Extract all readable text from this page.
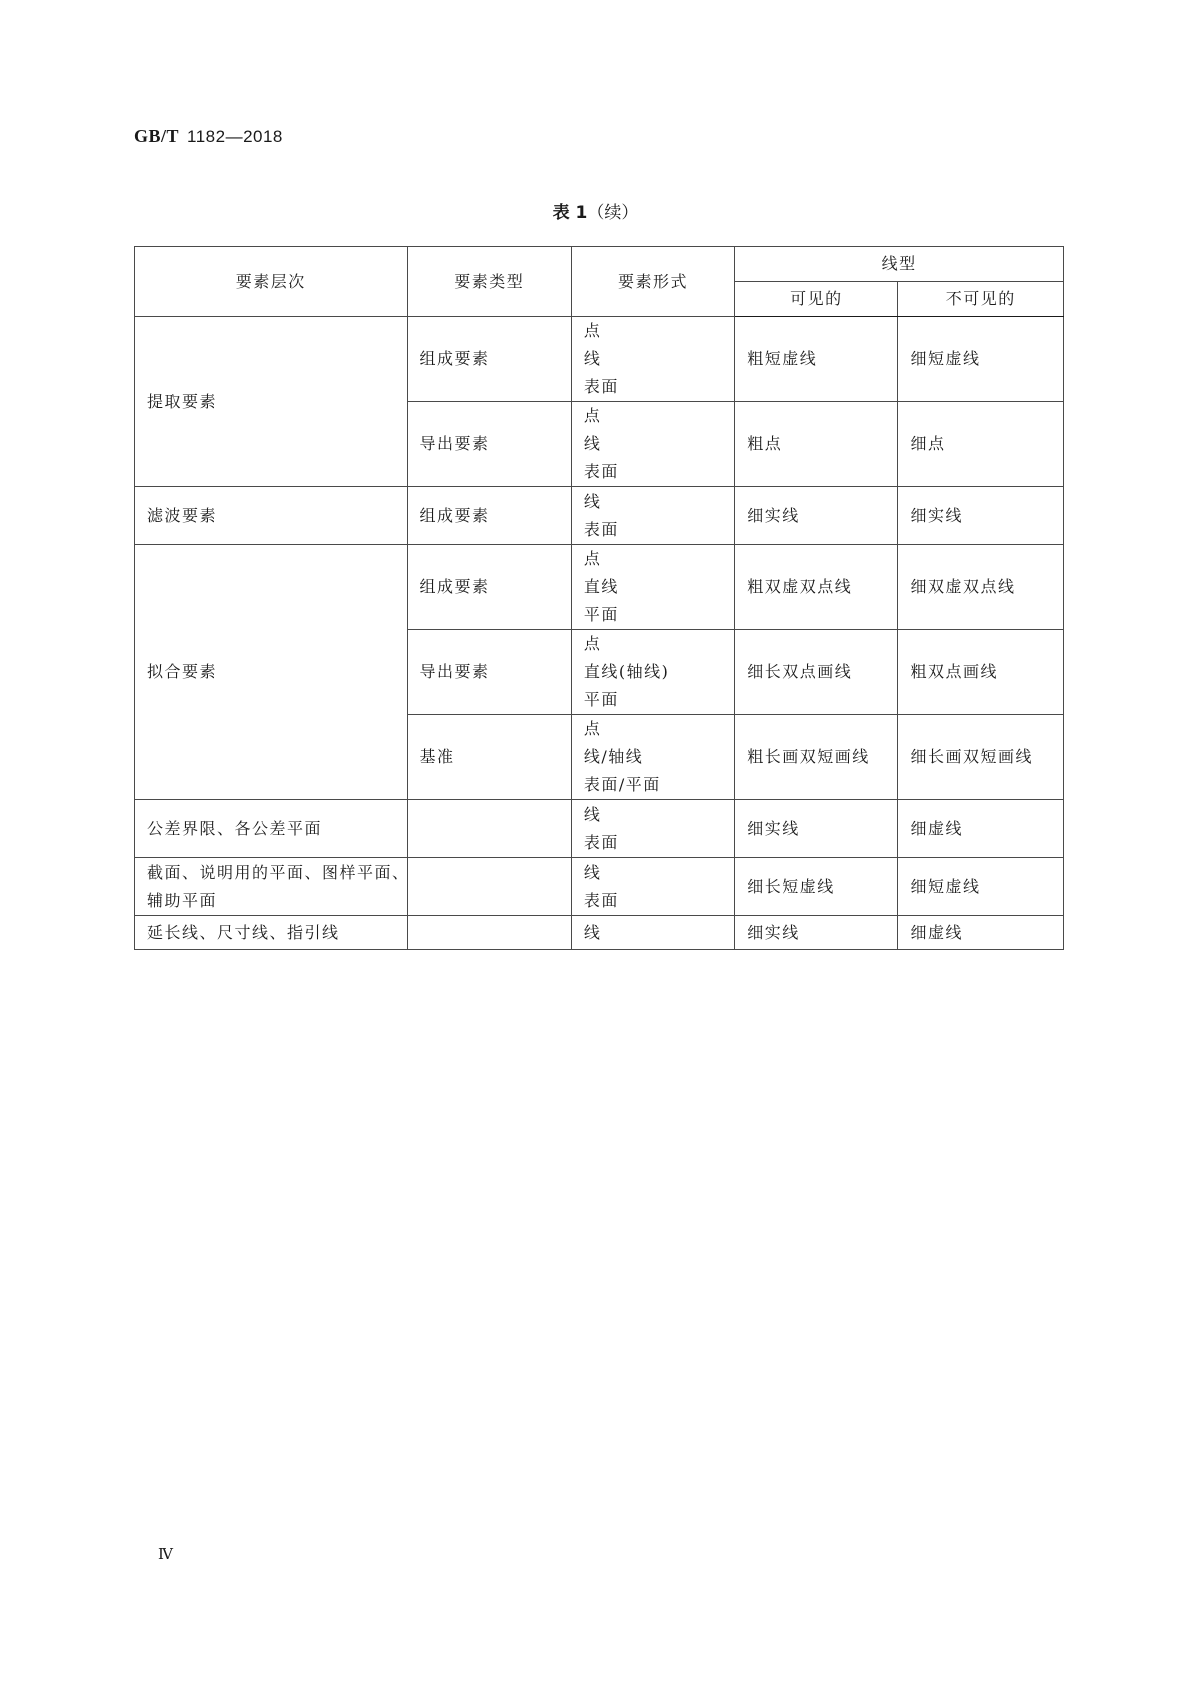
GB/T 1182—2018
表 1（续）
要素层次	要素类型	要素形式	线型	
			可见的	不可见的
提取要素	组成要素	点
线
表面	粗短虚线	细短虚线
	导出要素	点
线
表面	粗点	细点
滤波要素	组成要素	线
表面	细实线	细实线
拟合要素	组成要素	点
直线
平面	粗双虚双点线	细双虚双点线
	导出要素	点
直线(轴线)
平面	细长双点画线	粗双点画线
	基准	点
线/轴线
表面/平面	粗长画双短画线	细长画双短画线
公差界限、各公差平面		线
表面	细实线	细虚线

截面、说明用的平面、图样平面、
辅助平面		线
表面	细长短虚线	细短虚线
延长线、尺寸线、指引线		线	细实线	细虚线
Ⅳ
